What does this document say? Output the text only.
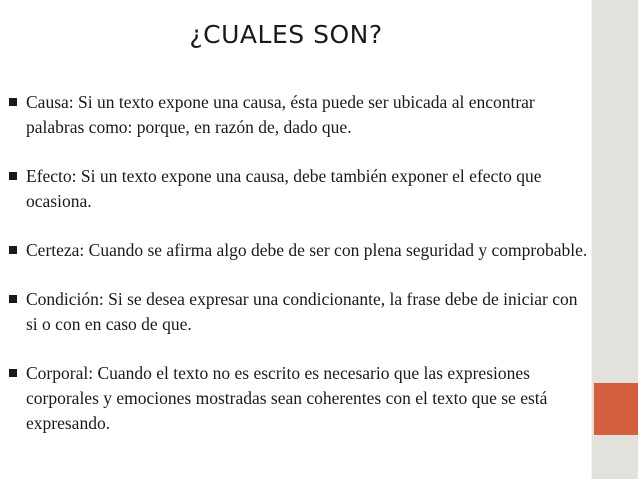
¿CUALES SON?
Causa: Si un texto expone una causa, ésta puede ser ubicada al encontrar palabras como: porque, en razón de, dado que.
Efecto: Si un texto expone una causa, debe también exponer el efecto que ocasiona.
Certeza: Cuando se afirma algo debe de ser con plena seguridad y comprobable.
Condición: Si se desea expresar una condicionante, la frase debe de iniciar con si o con en caso de que.
Corporal: Cuando el texto no es escrito es necesario que las expresiones corporales y emociones mostradas sean coherentes con el texto que se está expresando.
